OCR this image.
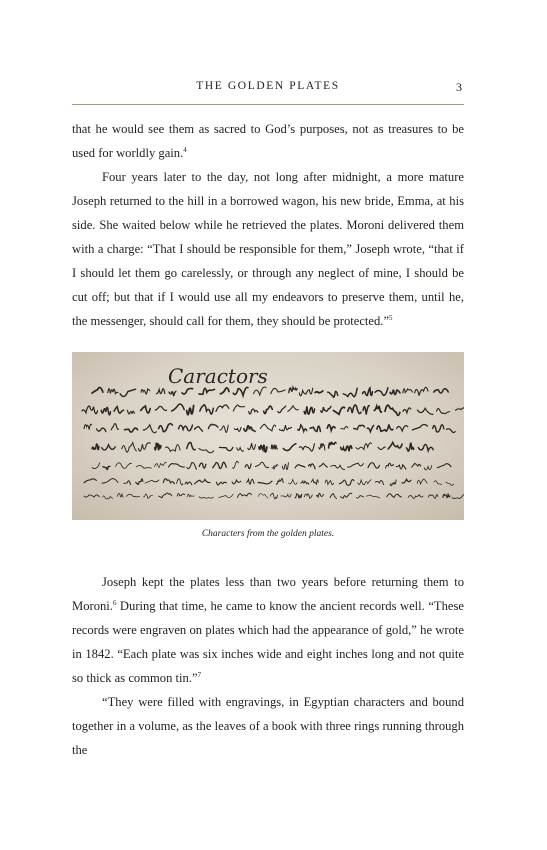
THE GOLDEN PLATES	3

that he would see them as sacred to God’s purposes, not as treasures to be used for worldly gain.$^4$

Four years later to the day, not long after midnight, a more mature Joseph returned to the hill in a borrowed wagon, his new bride, Emma, at his side. She waited below while he retrieved the plates. Moroni delivered them with a charge: “That I should be responsible for them,” Joseph wrote, “that if I should let them go carelessly, or through any neglect of mine, I should be cut off; but that if I would use all my endeavors to preserve them, until he, the messenger, should call for them, they should be protected.”$^5$

Caractors
Characters from the golden plates.

Joseph kept the plates less than two years before returning them to Moroni.$^6$ During that time, he came to know the ancient records well. “These records were engraven on plates which had the appearance of gold,” he wrote in 1842. “Each plate was six inches wide and eight inches long and not quite so thick as common tin.”$^7$

“They were filled with engravings, in Egyptian characters and bound together in a volume, as the leaves of a book with three rings running through the
